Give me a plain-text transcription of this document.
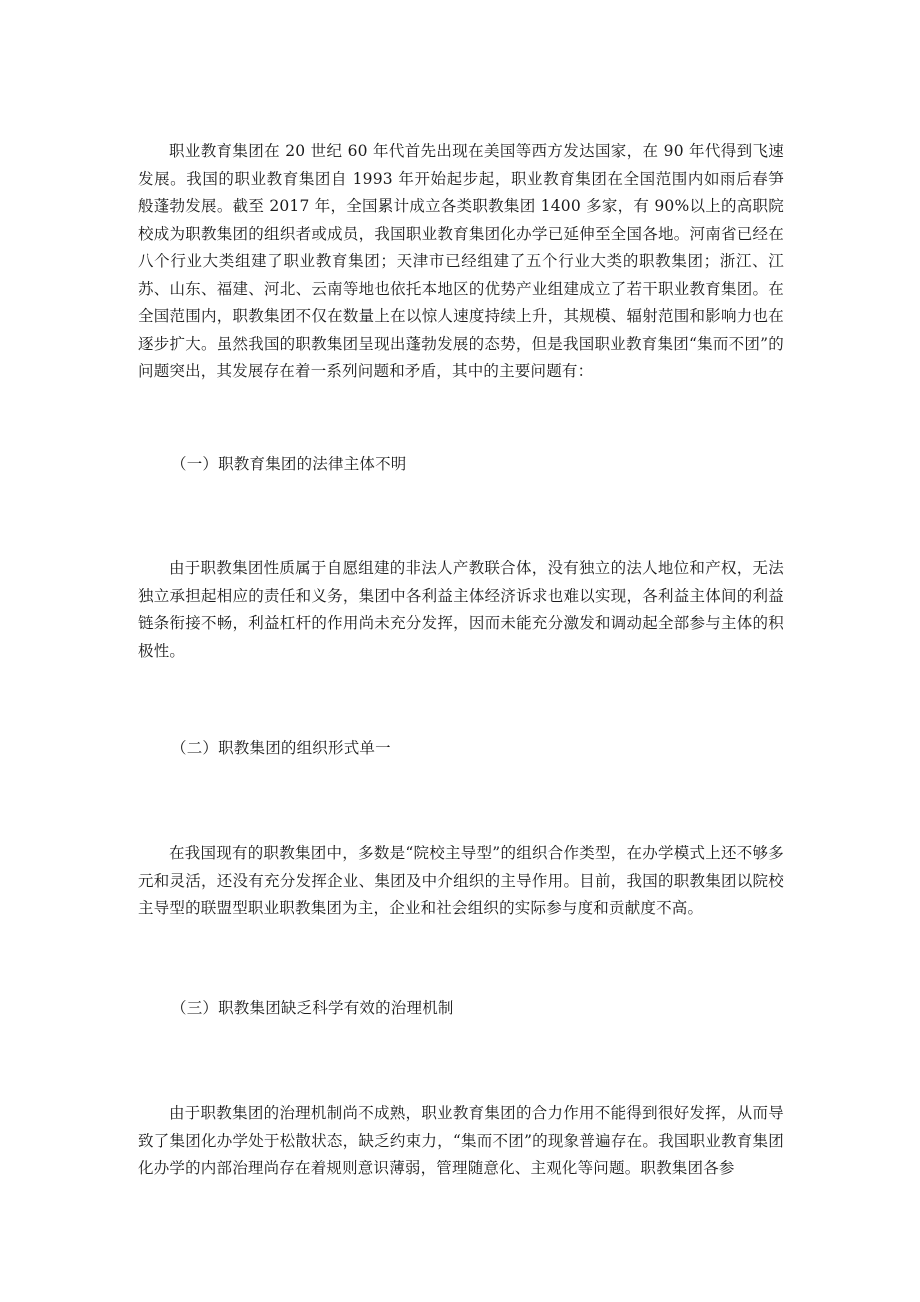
职业教育集团在 20 世纪 60 年代首先出现在美国等西方发达国家，在 90 年代得到飞速发展。我国的职业教育集团自 1993 年开始起步起，职业教育集团在全国范围内如雨后春笋般蓬勃发展。截至 2017 年，全国累计成立各类职教集团 1400 多家，有 90%以上的高职院校成为职教集团的组织者或成员，我国职业教育集团化办学已延伸至全国各地。河南省已经在八个行业大类组建了职业教育集团；天津市已经组建了五个行业大类的职教集团；浙江、江苏、山东、福建、河北、云南等地也依托本地区的优势产业组建成立了若干职业教育集团。在全国范围内，职教集团不仅在数量上在以惊人速度持续上升，其规模、辐射范围和影响力也在逐步扩大。虽然我国的职教集团呈现出蓬勃发展的态势，但是我国职业教育集团“集而不团”的问题突出，其发展存在着一系列问题和矛盾，其中的主要问题有：

（一）职教育集团的法律主体不明

由于职教集团性质属于自愿组建的非法人产教联合体，没有独立的法人地位和产权，无法独立承担起相应的责任和义务，集团中各利益主体经济诉求也难以实现，各利益主体间的利益链条衔接不畅，利益杠杆的作用尚未充分发挥，因而未能充分激发和调动起全部参与主体的积极性。

（二）职教集团的组织形式单一

在我国现有的职教集团中，多数是“院校主导型”的组织合作类型，在办学模式上还不够多元和灵活，还没有充分发挥企业、集团及中介组织的主导作用。目前，我国的职教集团以院校主导型的联盟型职业职教集团为主，企业和社会组织的实际参与度和贡献度不高。

（三）职教集团缺乏科学有效的治理机制

由于职教集团的治理机制尚不成熟，职业教育集团的合力作用不能得到很好发挥，从而导致了集团化办学处于松散状态，缺乏约束力，“集而不团”的现象普遍存在。我国职业教育集团化办学的内部治理尚存在着规则意识薄弱，管理随意化、主观化等问题。职教集团各参
